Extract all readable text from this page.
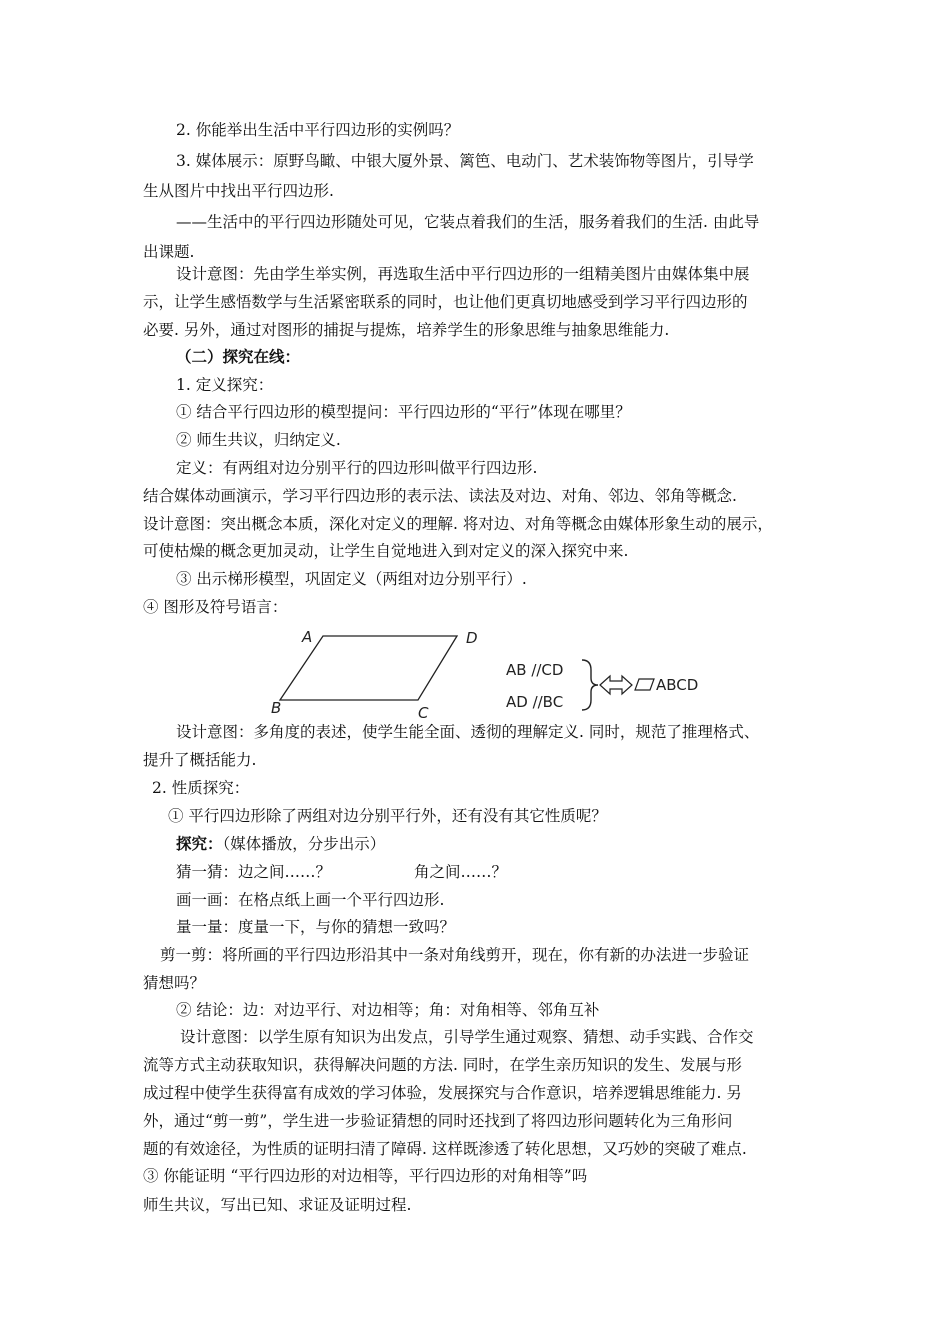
2. 你能举出生活中平行四边形的实例吗？
3. 媒体展示：原野鸟瞰、中银大厦外景、篱笆、电动门、艺术装饰物等图片，引导学
生从图片中找出平行四边形.
——生活中的平行四边形随处可见，它装点着我们的生活，服务着我们的生活. 由此导
出课题.
设计意图：先由学生举实例，再选取生活中平行四边形的一组精美图片由媒体集中展
示，让学生感悟数学与生活紧密联系的同时，也让他们更真切地感受到学习平行四边形的
必要. 另外，通过对图形的捕捉与提炼，培养学生的形象思维与抽象思维能力.
（二）探究在线：
1. 定义探究：
① 结合平行四边形的模型提问：平行四边形的“平行”体现在哪里？
② 师生共议，归纳定义.
定义：有两组对边分别平行的四边形叫做平行四边形.
结合媒体动画演示，学习平行四边形的表示法、读法及对边、对角、邻边、邻角等概念.
设计意图：突出概念本质，深化对定义的理解. 将对边、对角等概念由媒体形象生动的展示，
可使枯燥的概念更加灵动，让学生自觉地进入到对定义的深入探究中来.
③ 出示梯形模型，巩固定义（两组对边分别平行）.
④ 图形及符号语言：
A	D
B	C
AB //CD
AD //BC
ABCD
设计意图：多角度的表述，使学生能全面、透彻的理解定义. 同时，规范了推理格式、
提升了概括能力.
2. 性质探究：
① 平行四边形除了两组对边分别平行外，还有没有其它性质呢？
探究：（媒体播放，分步出示）
猜一猜：边之间……？	角之间……？
画一画：在格点纸上画一个平行四边形.
量一量：度量一下，与你的猜想一致吗？
剪一剪：将所画的平行四边形沿其中一条对角线剪开，现在，你有新的办法进一步验证
猜想吗？
② 结论：边：对边平行、对边相等；角：对角相等、邻角互补
设计意图：以学生原有知识为出发点，引导学生通过观察、猜想、动手实践、合作交
流等方式主动获取知识，获得解决问题的方法. 同时，在学生亲历知识的发生、发展与形
成过程中使学生获得富有成效的学习体验，发展探究与合作意识，培养逻辑思维能力. 另
外，通过“剪一剪”，学生进一步验证猜想的同时还找到了将四边形问题转化为三角形问
题的有效途径，为性质的证明扫清了障碍. 这样既渗透了转化思想，又巧妙的突破了难点.
③ 你能证明 “平行四边形的对边相等，平行四边形的对角相等”吗
师生共议，写出已知、求证及证明过程.
